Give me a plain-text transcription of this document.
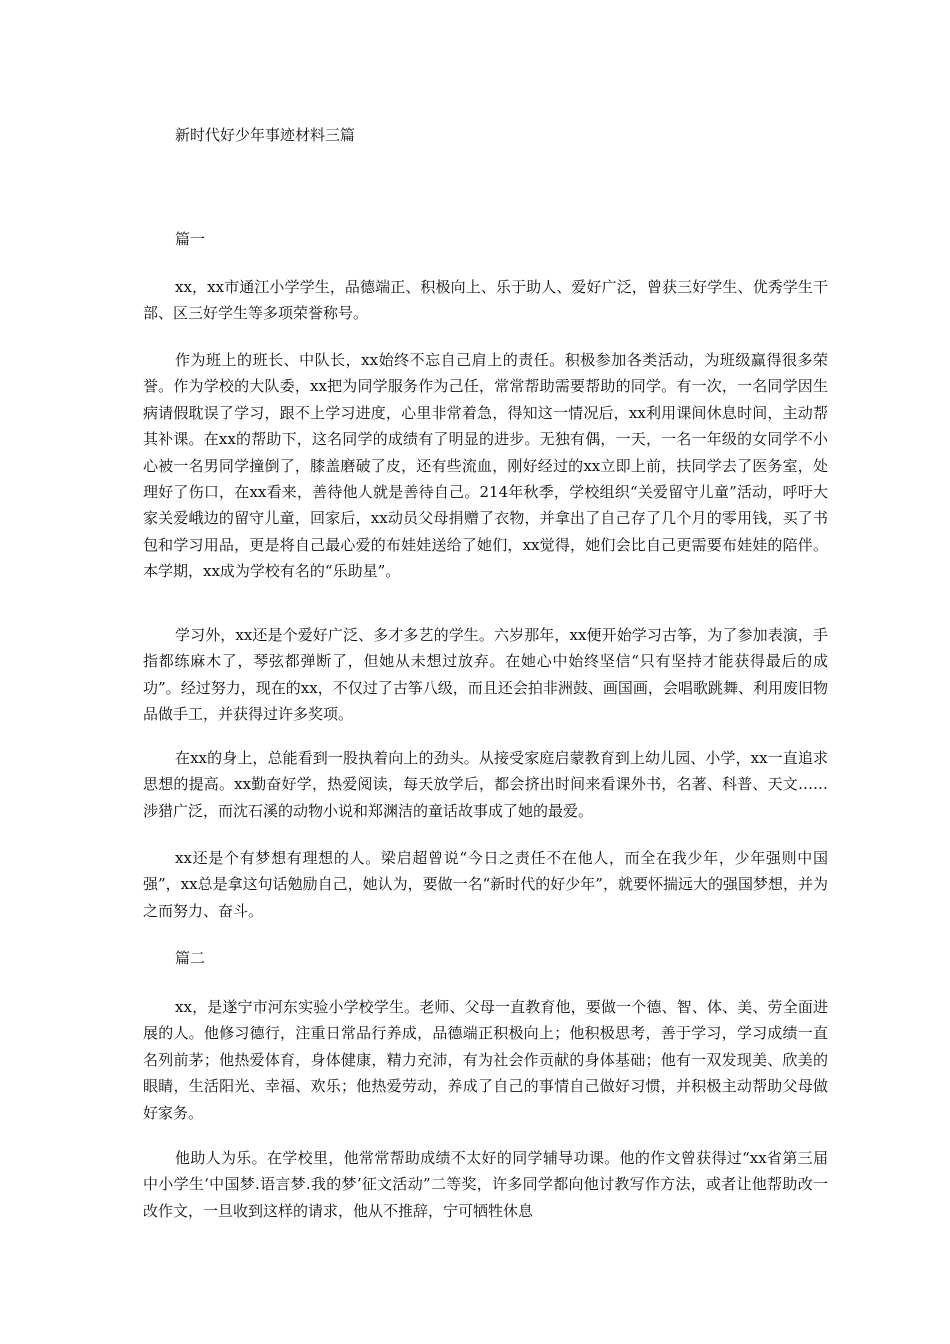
新时代好少年事迹材料三篇
篇一

xx，xx市通江小学学生，品德端正、积极向上、乐于助人、爱好广泛，曾获三好学生、优秀学生干部、区三好学生等多项荣誉称号。

作为班上的班长、中队长，xx始终不忘自己肩上的责任。积极参加各类活动，为班级赢得很多荣誉。作为学校的大队委，xx把为同学服务作为己任，常常帮助需要帮助的同学。有一次，一名同学因生病请假耽误了学习，跟不上学习进度，心里非常着急，得知这一情况后，xx利用课间休息时间，主动帮其补课。在xx的帮助下，这名同学的成绩有了明显的进步。无独有偶，一天，一名一年级的女同学不小心被一名男同学撞倒了，膝盖磨破了皮，还有些流血，刚好经过的xx立即上前，扶同学去了医务室，处理好了伤口，在xx看来，善待他人就是善待自己。214年秋季，学校组织“关爱留守儿童”活动，呼吁大家关爱峨边的留守儿童，回家后，xx动员父母捐赠了衣物，并拿出了自己存了几个月的零用钱，买了书包和学习用品，更是将自己最心爱的布娃娃送给了她们，xx觉得，她们会比自己更需要布娃娃的陪伴。本学期，xx成为学校有名的“乐助星”。

学习外，xx还是个爱好广泛、多才多艺的学生。六岁那年，xx便开始学习古筝，为了参加表演，手指都练麻木了，琴弦都弹断了，但她从未想过放弃。在她心中始终坚信“只有坚持才能获得最后的成功”。经过努力，现在的xx，不仅过了古筝八级，而且还会拍非洲鼓、画国画，会唱歌跳舞、利用废旧物品做手工，并获得过许多奖项。

在xx的身上，总能看到一股执着向上的劲头。从接受家庭启蒙教育到上幼儿园、小学，xx一直追求思想的提高。xx勤奋好学，热爱阅读，每天放学后，都会挤出时间来看课外书，名著、科普、天文……涉猎广泛，而沈石溪的动物小说和郑渊洁的童话故事成了她的最爱。

xx还是个有梦想有理想的人。梁启超曾说“今日之责任不在他人，而全在我少年，少年强则中国强”，xx总是拿这句话勉励自己，她认为，要做一名“新时代的好少年”，就要怀揣远大的强国梦想，并为之而努力、奋斗。

篇二

xx，是遂宁市河东实验小学校学生。老师、父母一直教育他，要做一个德、智、体、美、劳全面进展的人。他修习德行，注重日常品行养成，品德端正积极向上；他积极思考，善于学习，学习成绩一直名列前茅；他热爱体育，身体健康，精力充沛，有为社会作贡献的身体基础；他有一双发现美、欣美的眼睛，生活阳光、幸福、欢乐；他热爱劳动，养成了自己的事情自己做好习惯，并积极主动帮助父母做好家务。

他助人为乐。在学校里，他常常帮助成绩不太好的同学辅导功课。他的作文曾获得过“xx省第三届中小学生‘中国梦.语言梦.我的梦’征文活动”二等奖，许多同学都向他讨教写作方法，或者让他帮助改一改作文，一旦收到这样的请求，他从不推辞，宁可牺牲休息
